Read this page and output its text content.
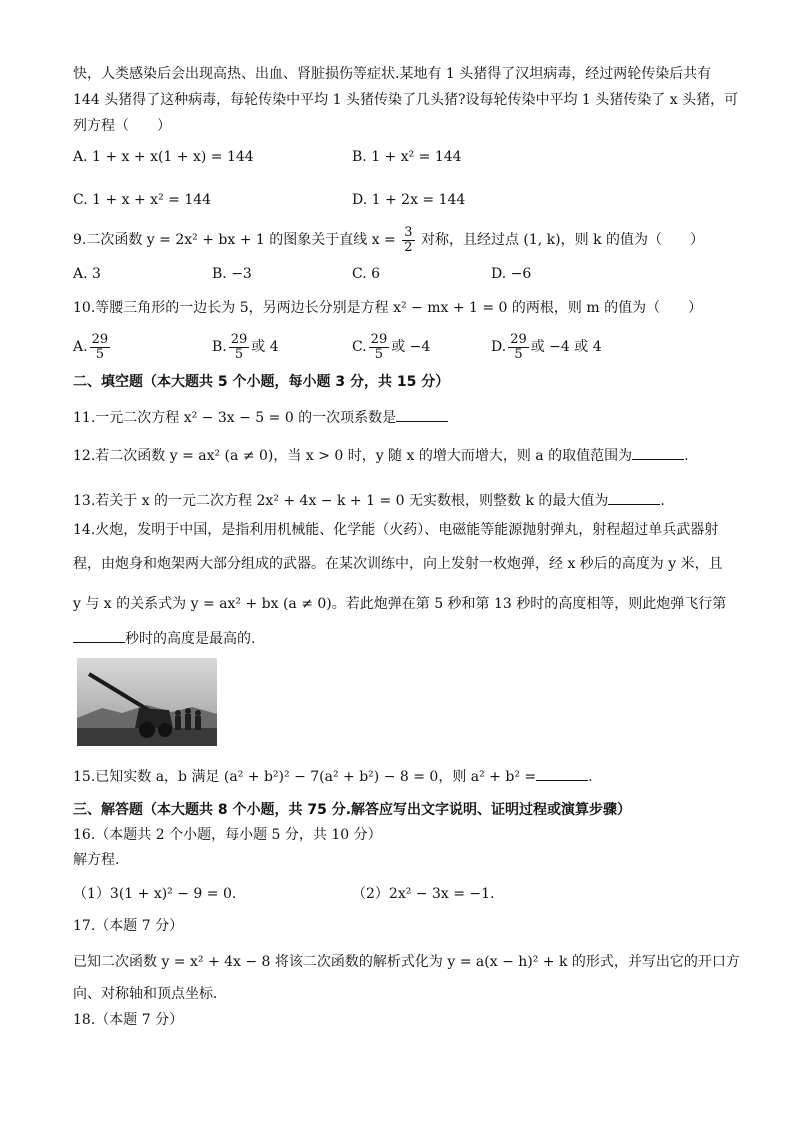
快，人类感染后会出现高热、出血、肾脏损伤等症状.某地有 1 头猪得了汉坦病毒，经过两轮传染后共有
144 头猪得了这种病毒，每轮传染中平均 1 头猪传染了几头猪?设每轮传染中平均 1 头猪传染了 x 头猪，可
列方程（　　）
A. 1 + x + x(1 + x) = 144	B. 1 + x² = 144
C. 1 + x + x² = 144	D. 1 + 2x = 144
9.二次函数 y = 2x² + bx + 1 的图象关于直线 $x = \frac{3}{2}$ 对称，且经过点 (1, k)，则 k 的值为（　　）
A. 3	B. −3	C. 6	D. −6
10.等腰三角形的一边长为 5，另两边长分别是方程 x² − mx + 1 = 0 的两根，则 m 的值为（　　）
A. $\frac{29}{5}$	B. $\frac{29}{5}$ 或 4	C. $\frac{29}{5}$ 或 −4	D. $\frac{29}{5}$ 或 −4 或 4
二、填空题（本大题共 5 个小题，每小题 3 分，共 15 分）
11.一元二次方程 x² − 3x − 5 = 0 的一次项系数是
12.若二次函数 y = ax² (a ≠ 0)，当 x > 0 时，y 随 x 的增大而增大，则 a 的取值范围为	.
13.若关于 x 的一元二次方程 2x² + 4x − k + 1 = 0 无实数根，则整数 k 的最大值为	.
14.火炮，发明于中国，是指利用机械能、化学能（火药）、电磁能等能源抛射弹丸，射程超过单兵武器射
程，由炮身和炮架两大部分组成的武器。在某次训练中，向上发射一枚炮弹，经 x 秒后的高度为 y 米，且
y 与 x 的关系式为 y = ax² + bx (a ≠ 0)。若此炮弹在第 5 秒和第 13 秒时的高度相等，则此炮弹飞行第
秒时的高度是最高的.
15.已知实数 a，b 满足 (a² + b²)² − 7(a² + b²) − 8 = 0，则 a² + b² =	.
三、解答题（本大题共 8 个小题，共 75 分.解答应写出文字说明、证明过程或演算步骤）
16.（本题共 2 个小题，每小题 5 分，共 10 分）
解方程.
（1）3(1 + x)² − 9 = 0.	（2）2x² − 3x = −1.
17.（本题 7 分）
已知二次函数 y = x² + 4x − 8 将该二次函数的解析式化为 y = a(x − h)² + k 的形式，并写出它的开口方
向、对称轴和顶点坐标.
18.（本题 7 分）
